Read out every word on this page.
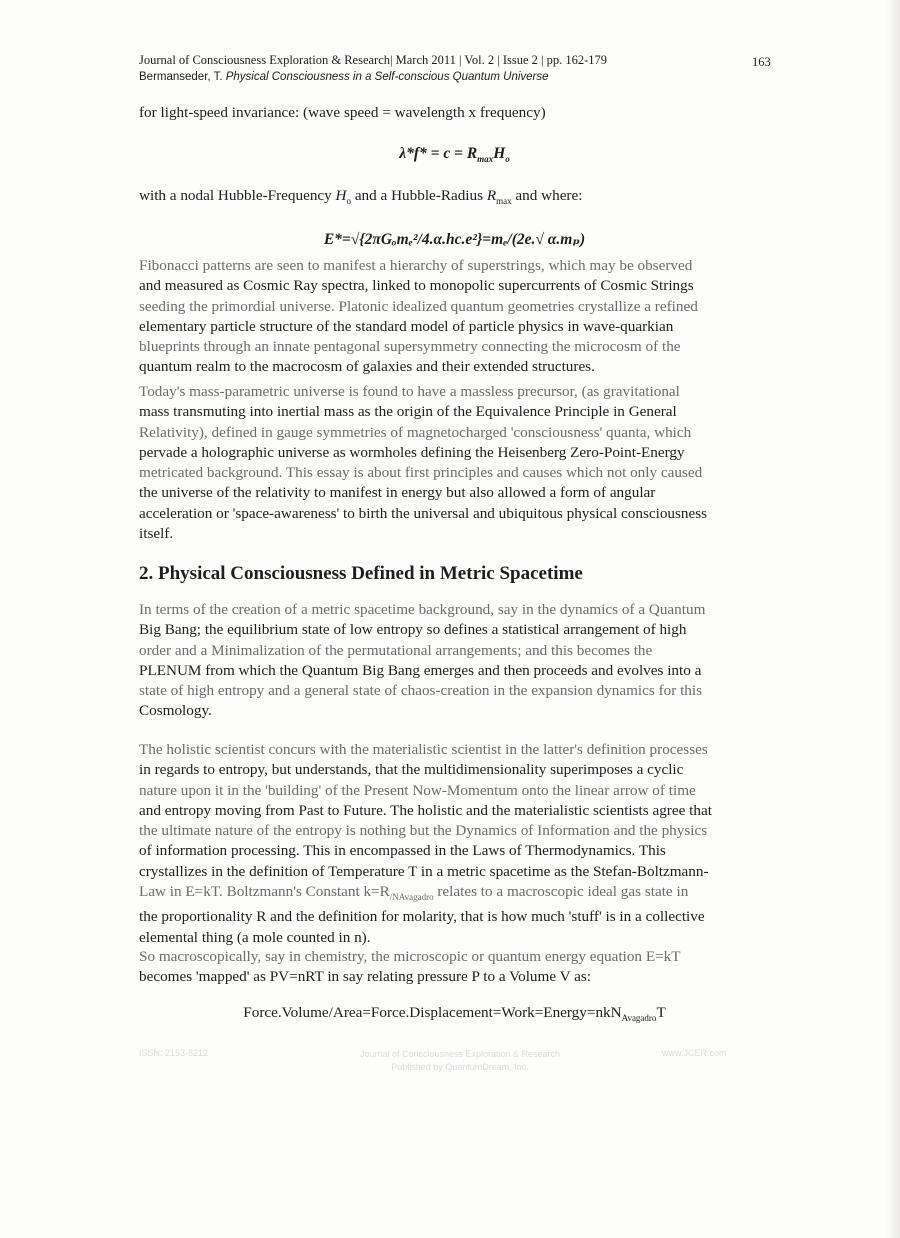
Journal of Consciousness Exploration & Research| March 2011 | Vol. 2 | Issue 2 | pp. 162-179
Bermanseder, T. Physical Consciousness in a Self-conscious Quantum Universe
163
for light-speed invariance: (wave speed = wavelength x frequency)
$\lambda*f* = c = R_{max}H_o$
with a nodal Hubble-Frequency $H_o$ and a Hubble-Radius $R_{max}$ and where:
E*=√{2πGₒmₑ²/4.α.hc.e²}=mₑ/(2e.√ α.mₚ)
Fibonacci patterns are seen to manifest a hierarchy of superstrings, which may be observed
and measured as Cosmic Ray spectra, linked to monopolic supercurrents of Cosmic Strings
seeding the primordial universe. Platonic idealized quantum geometries crystallize a refined
elementary particle structure of the standard model of particle physics in wave-quarkian
blueprints through an innate pentagonal supersymmetry connecting the microcosm of the
quantum realm to the macrocosm of galaxies and their extended structures.
Today's mass-parametric universe is found to have a massless precursor, (as gravitational
mass transmuting into inertial mass as the origin of the Equivalence Principle in General
Relativity), defined in gauge symmetries of magnetocharged 'consciousness' quanta, which
pervade a holographic universe as wormholes defining the Heisenberg Zero-Point-Energy
metricated background. This essay is about first principles and causes which not only caused
the universe of the relativity to manifest in energy but also allowed a form of angular
acceleration or 'space-awareness' to birth the universal and ubiquitous physical consciousness
itself.
2. Physical Consciousness Defined in Metric Spacetime
In terms of the creation of a metric spacetime background, say in the dynamics of a Quantum
Big Bang; the equilibrium state of low entropy so defines a statistical arrangement of high
order and a Minimalization of the permutational arrangements; and this becomes the
PLENUM from which the Quantum Big Bang emerges and then proceeds and evolves into a
state of high entropy and a general state of chaos-creation in the expansion dynamics for this
Cosmology.
The holistic scientist concurs with the materialistic scientist in the latter's definition processes
in regards to entropy, but understands, that the multidimensionality superimposes a cyclic
nature upon it in the 'building' of the Present Now-Momentum onto the linear arrow of time
and entropy moving from Past to Future. The holistic and the materialistic scientists agree that
the ultimate nature of the entropy is nothing but the Dynamics of Information and the physics
of information processing. This in encompassed in the Laws of Thermodynamics. This
crystallizes in the definition of Temperature T in a metric spacetime as the Stefan-Boltzmann-
Law in E=kT. Boltzmann's Constant $k=R_{/NAvagadro}$ relates to a macroscopic ideal gas state in
the proportionality R and the definition for molarity, that is how much 'stuff' is in a collective
elemental thing (a mole counted in n).
So macroscopically, say in chemistry, the microscopic or quantum energy equation E=kT
becomes 'mapped' as PV=nRT in say relating pressure P to a Volume V as:
Force.Volume/Area=Force.Displacement=Work=Energy=nkN$_{Avagadro}$T
ISSN: 2153-8212	Journal of Consciousness Exploration & Research
Published by QuantumDream, Inc.
www.JCER.com
